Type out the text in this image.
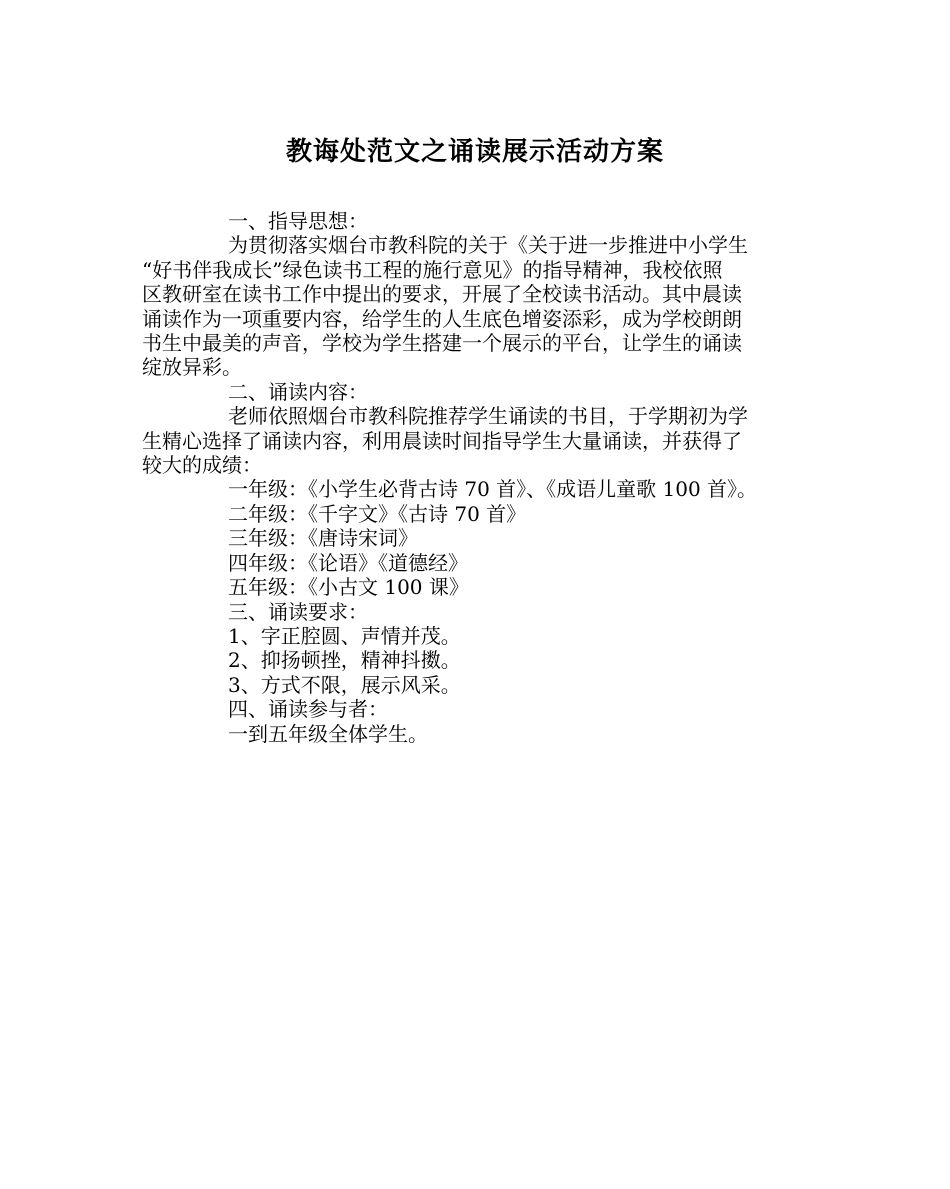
教诲处范文之诵读展示活动方案
一、指导思想：
为贯彻落实烟台市教科院的关于《关于进一步推进中小学生
“好书伴我成长”绿色读书工程的施行意见》的指导精神，我校依照
区教研室在读书工作中提出的要求，开展了全校读书活动。其中晨读
诵读作为一项重要内容，给学生的人生底色增姿添彩，成为学校朗朗
书生中最美的声音，学校为学生搭建一个展示的平台，让学生的诵读
绽放异彩。
二、诵读内容：
老师依照烟台市教科院推荐学生诵读的书目，于学期初为学
生精心选择了诵读内容，利用晨读时间指导学生大量诵读，并获得了
较大的成绩：
一年级：《小学生必背古诗 70 首》、《成语儿童歌 100 首》。
二年级：《千字文》《古诗 70 首》
三年级：《唐诗宋词》
四年级：《论语》《道德经》
五年级：《小古文 100 课》
三、诵读要求：
1、字正腔圆、声情并茂。
2、抑扬顿挫，精神抖擞。
3、方式不限，展示风采。
四、诵读参与者：
一到五年级全体学生。
